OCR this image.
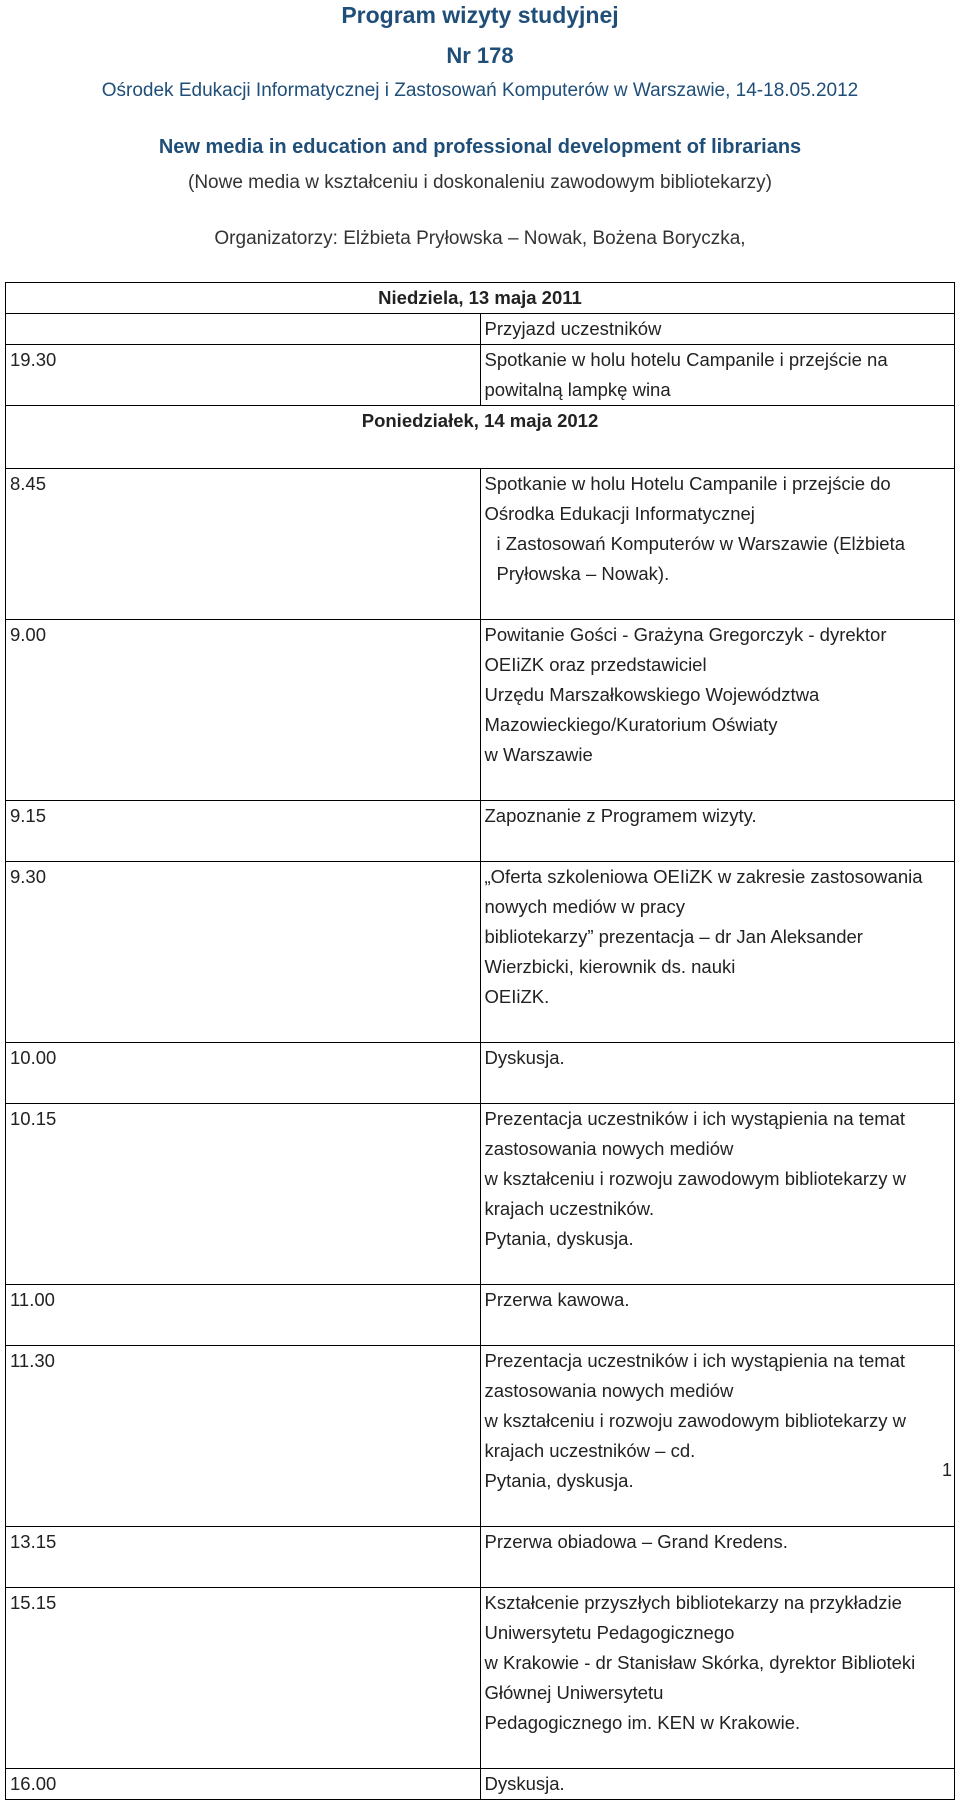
Program wizyty studyjnej
Nr 178
Ośrodek Edukacji Informatycznej i Zastosowań Komputerów w Warszawie, 14-18.05.2012
New media in education and professional development of librarians
(Nowe media w kształceniu i doskonaleniu zawodowym bibliotekarzy)
Organizatorzy: Elżbieta Pryłowska – Nowak, Bożena Boryczka,
Niedziela, 13 maja 2011	
	Przyjazd uczestników
19.30	Spotkanie w holu hotelu Campanile i przejście na powitalną lampkę wina
Poniedziałek, 14 maja 2012	
8.45	Spotkanie w holu Hotelu Campanile i przejście do Ośrodka Edukacji Informatycznej
i Zastosowań Komputerów w Warszawie (Elżbieta Pryłowska – Nowak).

9.00	Powitanie Gości - Grażyna Gregorczyk - dyrektor OEIiZK oraz przedstawiciel
Urzędu Marszałkowskiego Województwa Mazowieckiego/Kuratorium Oświaty
w Warszawie

9.15	Zapoznanie z Programem wizyty.

9.30	„Oferta szkoleniowa OEIiZK w zakresie zastosowania nowych mediów w pracy
bibliotekarzy” prezentacja – dr Jan Aleksander Wierzbicki, kierownik ds. nauki
OEIiZK.

10.00	Dyskusja.

10.15	Prezentacja uczestników i ich wystąpienia na temat zastosowania nowych mediów
w kształceniu i rozwoju zawodowym bibliotekarzy w krajach uczestników.
Pytania, dyskusja.

11.00	Przerwa kawowa.

11.30	Prezentacja uczestników i ich wystąpienia na temat zastosowania nowych mediów
w kształceniu i rozwoju zawodowym bibliotekarzy w krajach uczestników – cd.
Pytania, dyskusja.

13.15	Przerwa obiadowa – Grand Kredens.

15.15	Kształcenie przyszłych bibliotekarzy na przykładzie Uniwersytetu Pedagogicznego
w Krakowie - dr Stanisław Skórka, dyrektor Biblioteki Głównej Uniwersytetu
Pedagogicznego im. KEN w Krakowie.

16.00	Dyskusja.
1
